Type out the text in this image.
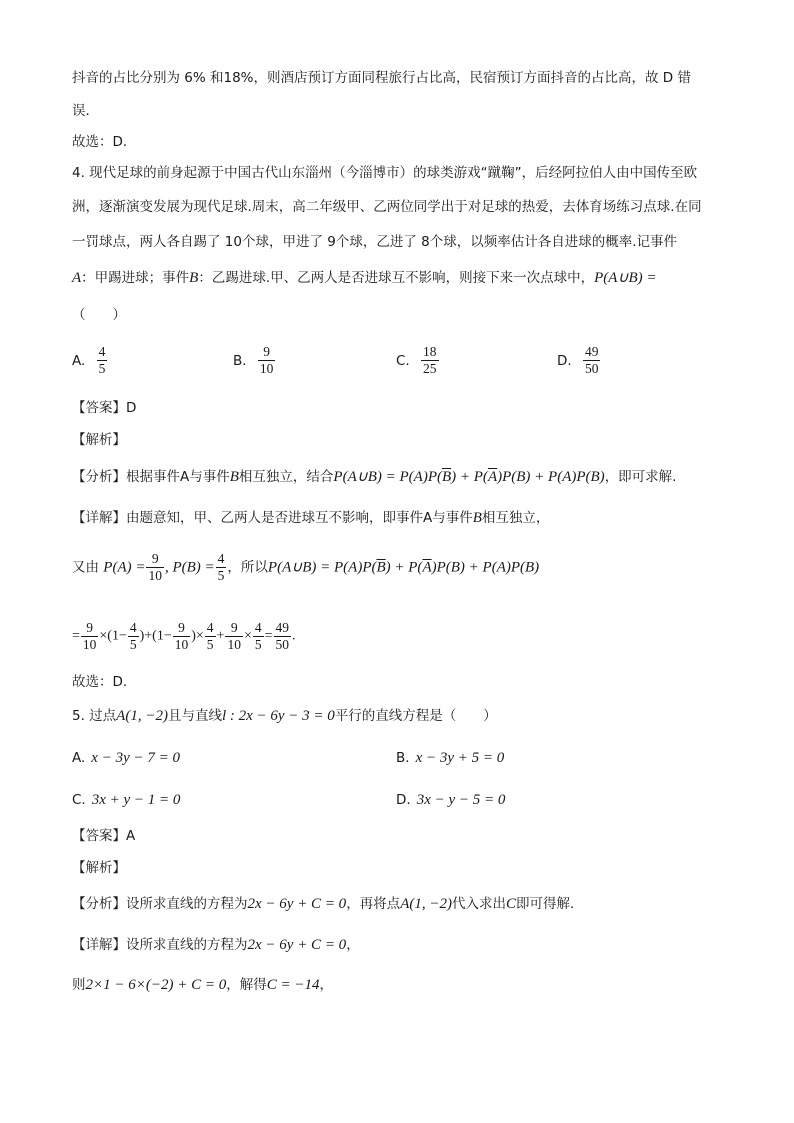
抖音的占比分别为 6% 和18%，则酒店预订方面同程旅行占比高，民宿预订方面抖音的占比高，故 D 错
误．
故选：D．
4. 现代足球的前身起源于中国古代山东淄州（今淄博市）的球类游戏“蹴鞠”，后经阿拉伯人由中国传至欧
洲，逐渐演变发展为现代足球.周末，高二年级甲、乙两位同学出于对足球的热爱，去体育场练习点球.在同
一罚球点，两人各自踢了 10个球，甲进了 9个球，乙进了 8个球，以频率估计各自进球的概率.记事件
A：甲踢进球；事件B：乙踢进球.甲、乙两人是否进球互不影响，则接下来一次点球中，P(A∪B) =
（　　）
A. $\frac{4}{5}$	B. $\frac{9}{10}$	C. $\frac{18}{25}$	D. $\frac{49}{50}$
【答案】D
【解析】
【分析】根据事件A与事件B相互独立，结合P(A∪B) = $P(A)P(\overline{B}) + P(\overline{A})P(B) + P(A)P(B)$，即可求解.
【详解】由题意知，甲、乙两人是否进球互不影响，即事件A与事件B相互独立，
又由 $P(A) = \frac{9}{10}$ , $P(B) = \frac{4}{5}$ ，所以P(A∪B) = $P(A)P(\overline{B}) + P(\overline{A})P(B) + P(A)P(B)$
= $\frac{9}{10} \times(1- \frac{4}{5} )+(1- \frac{9}{10}$ )× $\frac{4}{5} + \frac{9}{10} \times \frac{4}{5} = \frac{49}{50}$ .
故选：D.
5. 过点A(1, −2)且与直线l : 2x − 6y − 3 = 0平行的直线方程是（　　）
A. x − 3y − 7 = 0	B. x − 3y + 5 = 0
C. 3x + y − 1 = 0	D. 3x − y − 5 = 0
【答案】A
【解析】
【分析】设所求直线的方程为2x − 6y + C = 0，再将点A(1, −2)代入求出C即可得解.
【详解】设所求直线的方程为2x − 6y + C = 0，
则2×1 − 6×(−2) + C = 0，解得C = −14，
